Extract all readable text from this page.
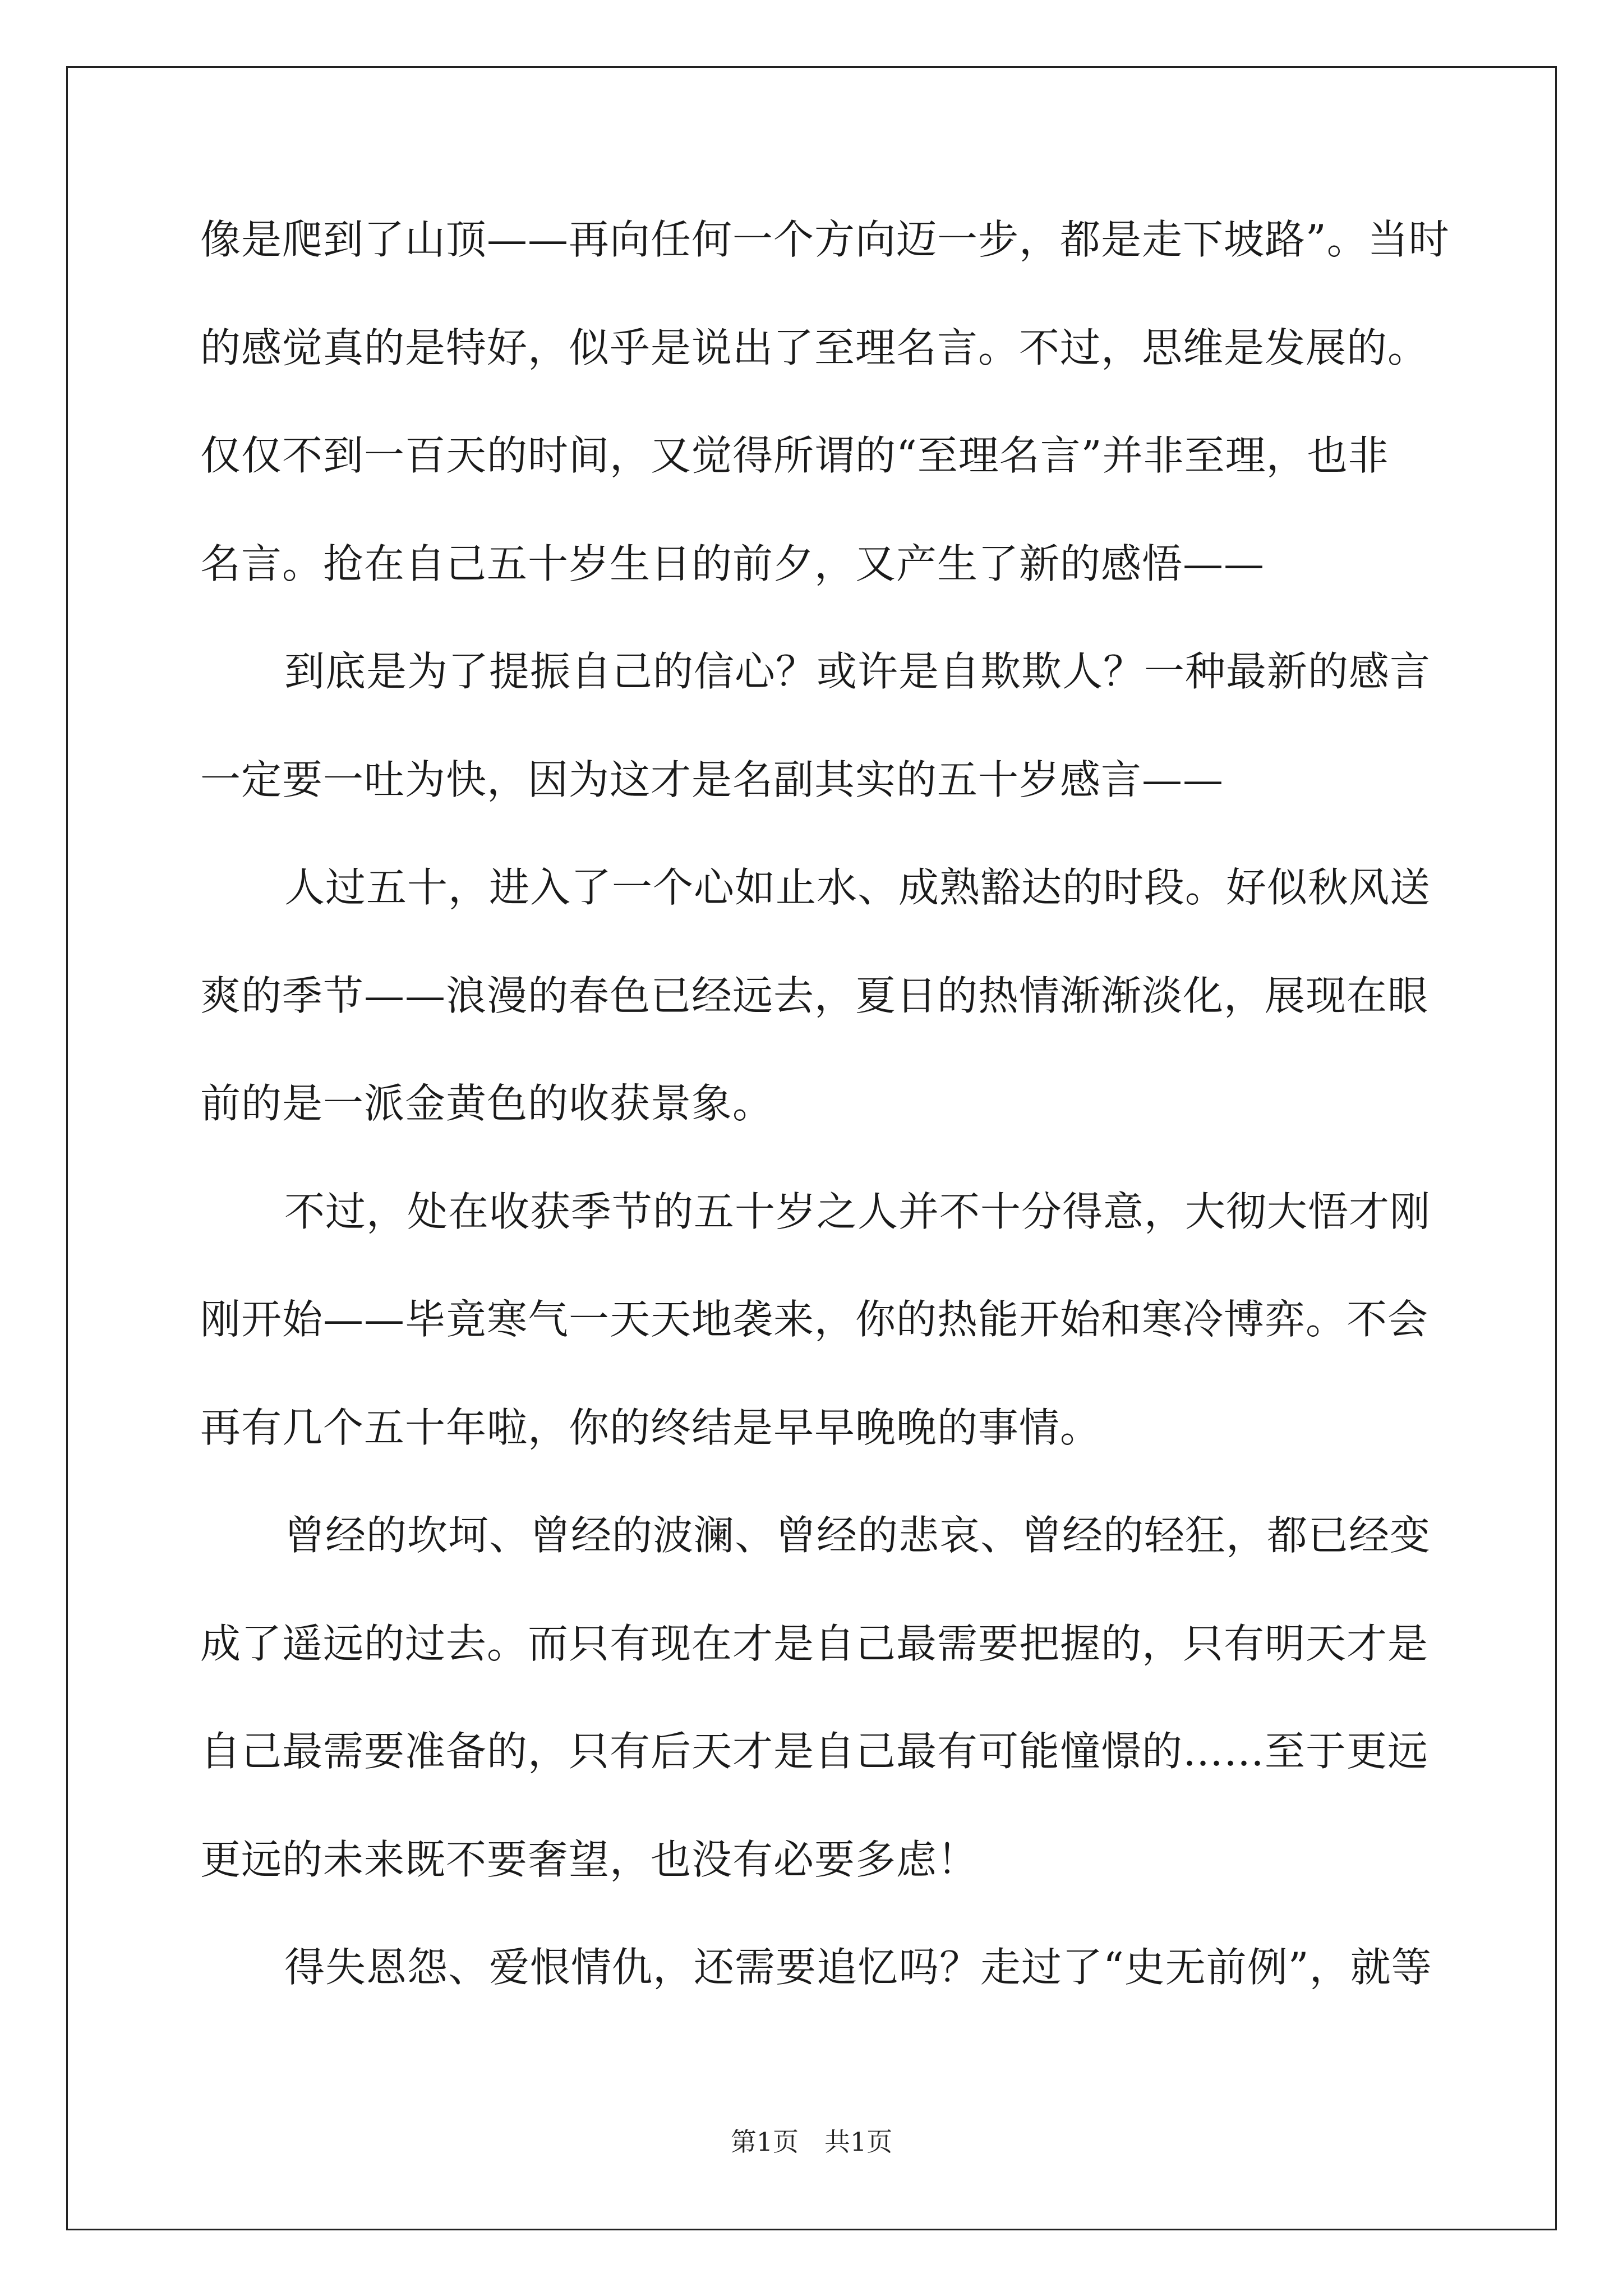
像是爬到了山顶——再向任何一个方向迈一步，都是走下坡路”。当时
的感觉真的是特好，似乎是说出了至理名言。不过，思维是发展的。
仅仅不到一百天的时间，又觉得所谓的“至理名言”并非至理，也非
名言。抢在自己五十岁生日的前夕，又产生了新的感悟——
到底是为了提振自己的信心？或许是自欺欺人？一种最新的感言
一定要一吐为快，因为这才是名副其实的五十岁感言——
人过五十，进入了一个心如止水、成熟豁达的时段。好似秋风送
爽的季节——浪漫的春色已经远去，夏日的热情渐渐淡化，展现在眼
前的是一派金黄色的收获景象。
不过，处在收获季节的五十岁之人并不十分得意，大彻大悟才刚
刚开始——毕竟寒气一天天地袭来，你的热能开始和寒冷博弈。不会
再有几个五十年啦，你的终结是早早晚晚的事情。
曾经的坎坷、曾经的波澜、曾经的悲哀、曾经的轻狂，都已经变
成了遥远的过去。而只有现在才是自己最需要把握的，只有明天才是
自己最需要准备的，只有后天才是自己最有可能憧憬的……至于更远
更远的未来既不要奢望，也没有必要多虑！
得失恩怨、爱恨情仇，还需要追忆吗？走过了“史无前例”，就等
第1页　共1页
